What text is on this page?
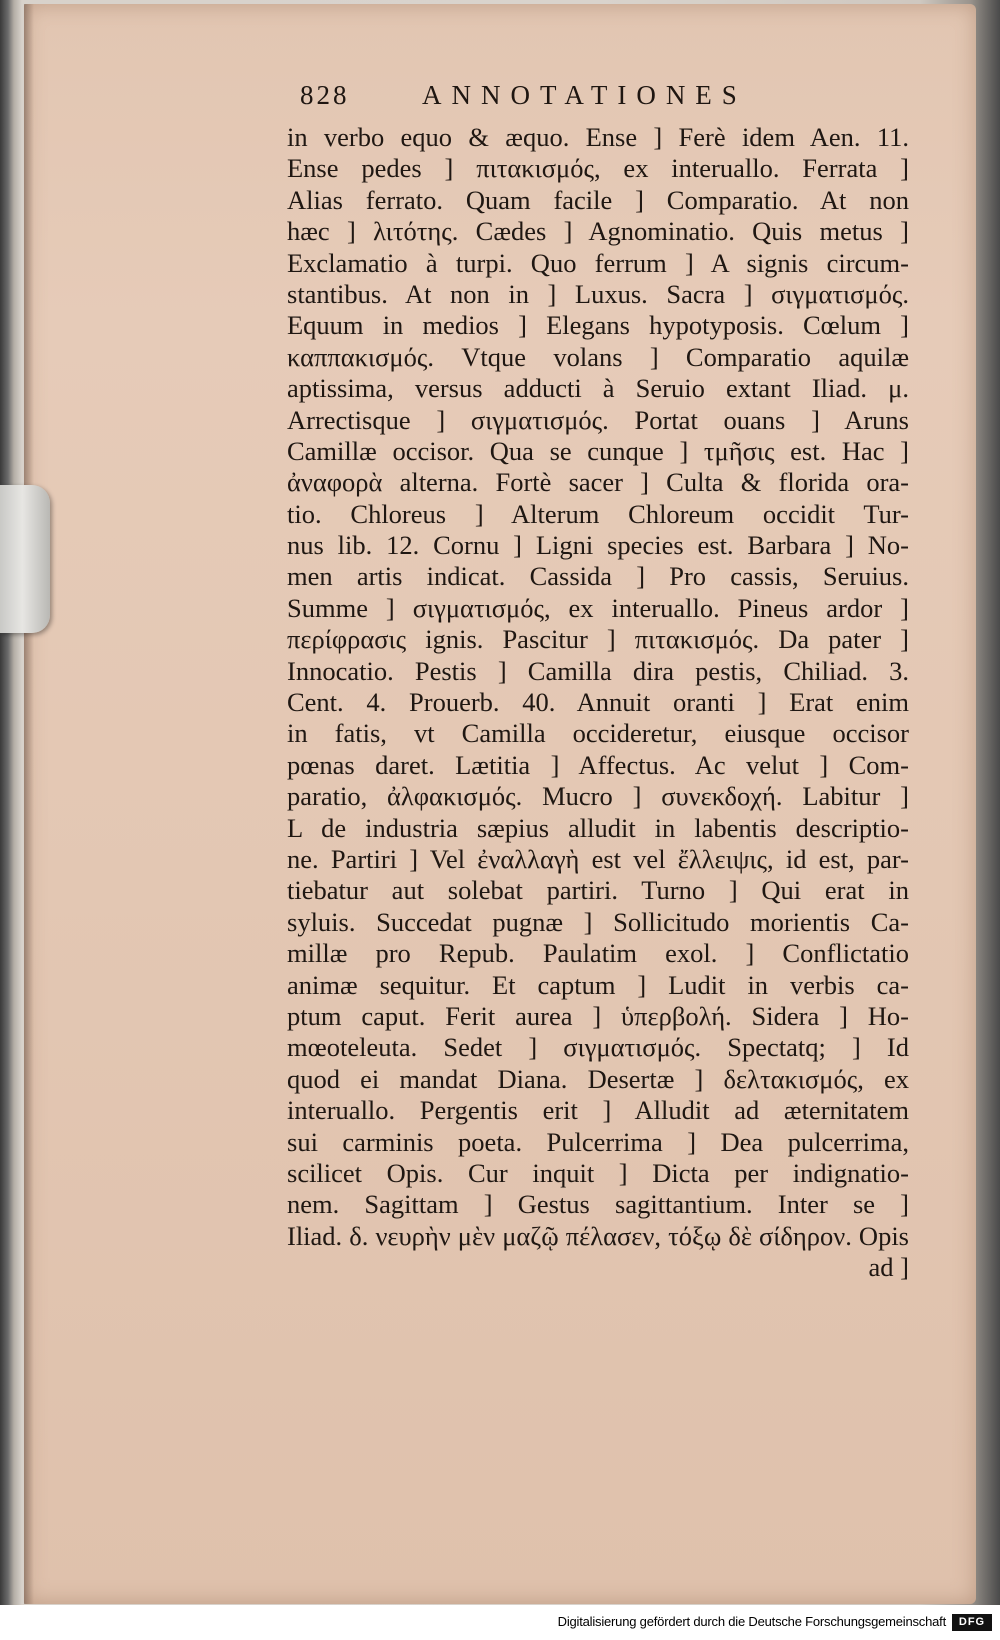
828	ANNOTATIONES
in verbo equo & æquo. Ense ] Ferè idem Aen. 11.
Ense pedes ] πιτακισμός, ex interuallo. Ferrata ]
Alias ferrato. Quam facile ] Comparatio. At non
hæc ] λιτότης. Cædes ] Agnominatio. Quis metus ]
Exclamatio à turpi. Quo ferrum ] A signis circum-
stantibus. At non in ] Luxus. Sacra ] σιγματισμός.
Equum in medios ] Elegans hypotyposis. Cœlum ]
καππακισμός. Vtque volans ] Comparatio aquilæ
aptissima, versus adducti à Seruio extant Iliad. μ.
Arrectisque ] σιγματισμός. Portat ouans ] Aruns
Camillæ occisor. Qua se cunque ] τμῆσις est. Hac ]
ἀναφορὰ alterna. Fortè sacer ] Culta & florida ora-
tio. Chloreus ] Alterum Chloreum occidit Tur-
nus lib. 12. Cornu ] Ligni species est. Barbara ] No-
men artis indicat. Cassida ] Pro cassis, Seruius.
Summe ] σιγματισμός, ex interuallo. Pineus ardor ]
περίφρασις ignis. Pascitur ] πιτακισμός. Da pater ]
Innocatio. Pestis ] Camilla dira pestis, Chiliad. 3.
Cent. 4. Prouerb. 40. Annuit oranti ] Erat enim
in fatis, vt Camilla occideretur, eiusque occisor
pœnas daret. Lætitia ] Affectus. Ac velut ] Com-
paratio, ἀλφακισμός. Mucro ] συνεκδοχή. Labitur ]
L de industria sæpius alludit in labentis descriptio-
ne. Partiri ] Vel ἐναλλαγὴ est vel ἔλλειψις, id est, par-
tiebatur aut solebat partiri. Turno ] Qui erat in
syluis. Succedat pugnæ ] Sollicitudo morientis Ca-
millæ pro Repub. Paulatim exol. ] Conflictatio
animæ sequitur. Et captum ] Ludit in verbis ca-
ptum caput. Ferit aurea ] ὑπερβολή. Sidera ] Ho-
mœoteleuta. Sedet ] σιγματισμός. Spectatq; ] Id
quod ei mandat Diana. Desertæ ] δελτακισμός, ex
interuallo. Pergentis erit ] Alludit ad æternitatem
sui carminis poeta. Pulcerrima ] Dea pulcerrima,
scilicet Opis. Cur inquit ] Dicta per indignatio-
nem. Sagittam ] Gestus sagittantium. Inter se ]
Iliad. δ. νευρὴν μὲν μαζῷ πέλασεν, τόξῳ δὲ σίδηρον. Opis
ad ]
Digitalisierung gefördert durch die Deutsche Forschungsgemeinschaft	DFG
